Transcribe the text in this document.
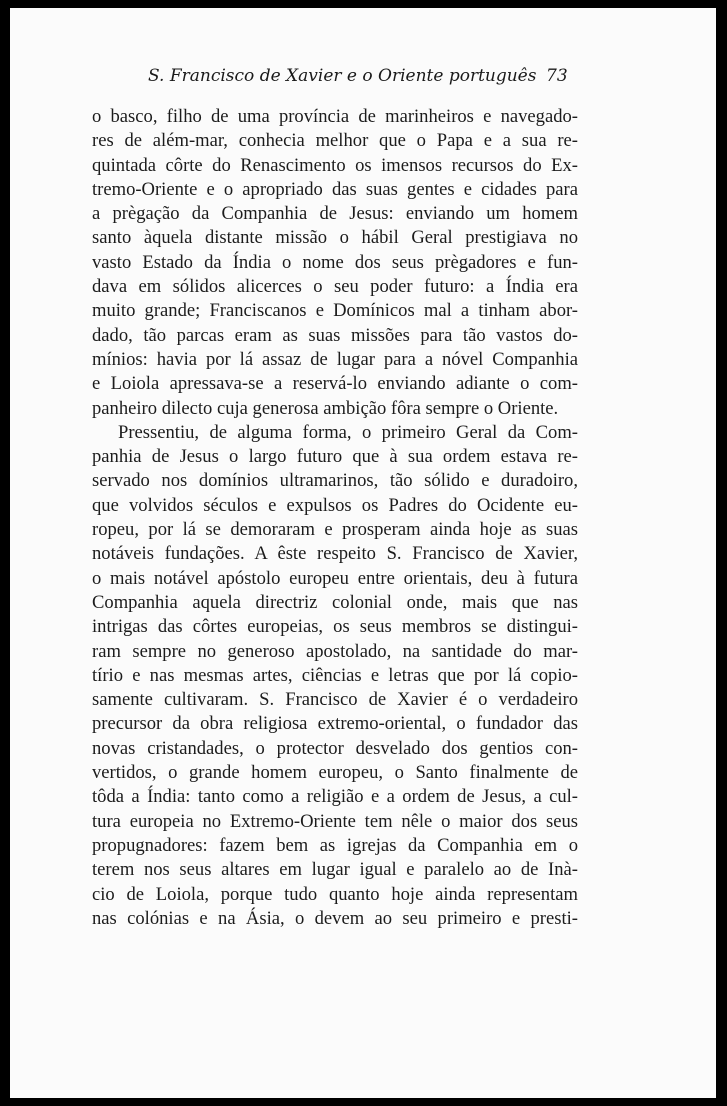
S. Francisco de Xavier e o Oriente português 73
o basco, filho de uma província de marinheiros e navegado-
res de além-mar, conhecia melhor que o Papa e a sua re-
quintada côrte do Renascimento os imensos recursos do Ex-
tremo-Oriente e o apropriado das suas gentes e cidades para
a prègação da Companhia de Jesus: enviando um homem
santo àquela distante missão o hábil Geral prestigiava no
vasto Estado da Índia o nome dos seus prègadores e fun-
dava em sólidos alicerces o seu poder futuro: a Índia era
muito grande; Franciscanos e Domínicos mal a tinham abor-
dado, tão parcas eram as suas missões para tão vastos do-
mínios: havia por lá assaz de lugar para a nóvel Companhia
e Loiola apressava-se a reservá-lo enviando adiante o com-
panheiro dilecto cuja generosa ambição fôra sempre o Oriente.
Pressentiu, de alguma forma, o primeiro Geral da Com-
panhia de Jesus o largo futuro que à sua ordem estava re-
servado nos domínios ultramarinos, tão sólido e duradoiro,
que volvidos séculos e expulsos os Padres do Ocidente eu-
ropeu, por lá se demoraram e prosperam ainda hoje as suas
notáveis fundações. A êste respeito S. Francisco de Xavier,
o mais notável apóstolo europeu entre orientais, deu à futura
Companhia aquela directriz colonial onde, mais que nas
intrigas das côrtes europeias, os seus membros se distingui-
ram sempre no generoso apostolado, na santidade do mar-
tírio e nas mesmas artes, ciências e letras que por lá copio-
samente cultivaram. S. Francisco de Xavier é o verdadeiro
precursor da obra religiosa extremo-oriental, o fundador das
novas cristandades, o protector desvelado dos gentios con-
vertidos, o grande homem europeu, o Santo finalmente de
tôda a Índia: tanto como a religião e a ordem de Jesus, a cul-
tura europeia no Extremo-Oriente tem nêle o maior dos seus
propugnadores: fazem bem as igrejas da Companhia em o
terem nos seus altares em lugar igual e paralelo ao de Inà-
cio de Loiola, porque tudo quanto hoje ainda representam
nas colónias e na Ásia, o devem ao seu primeiro e presti-
